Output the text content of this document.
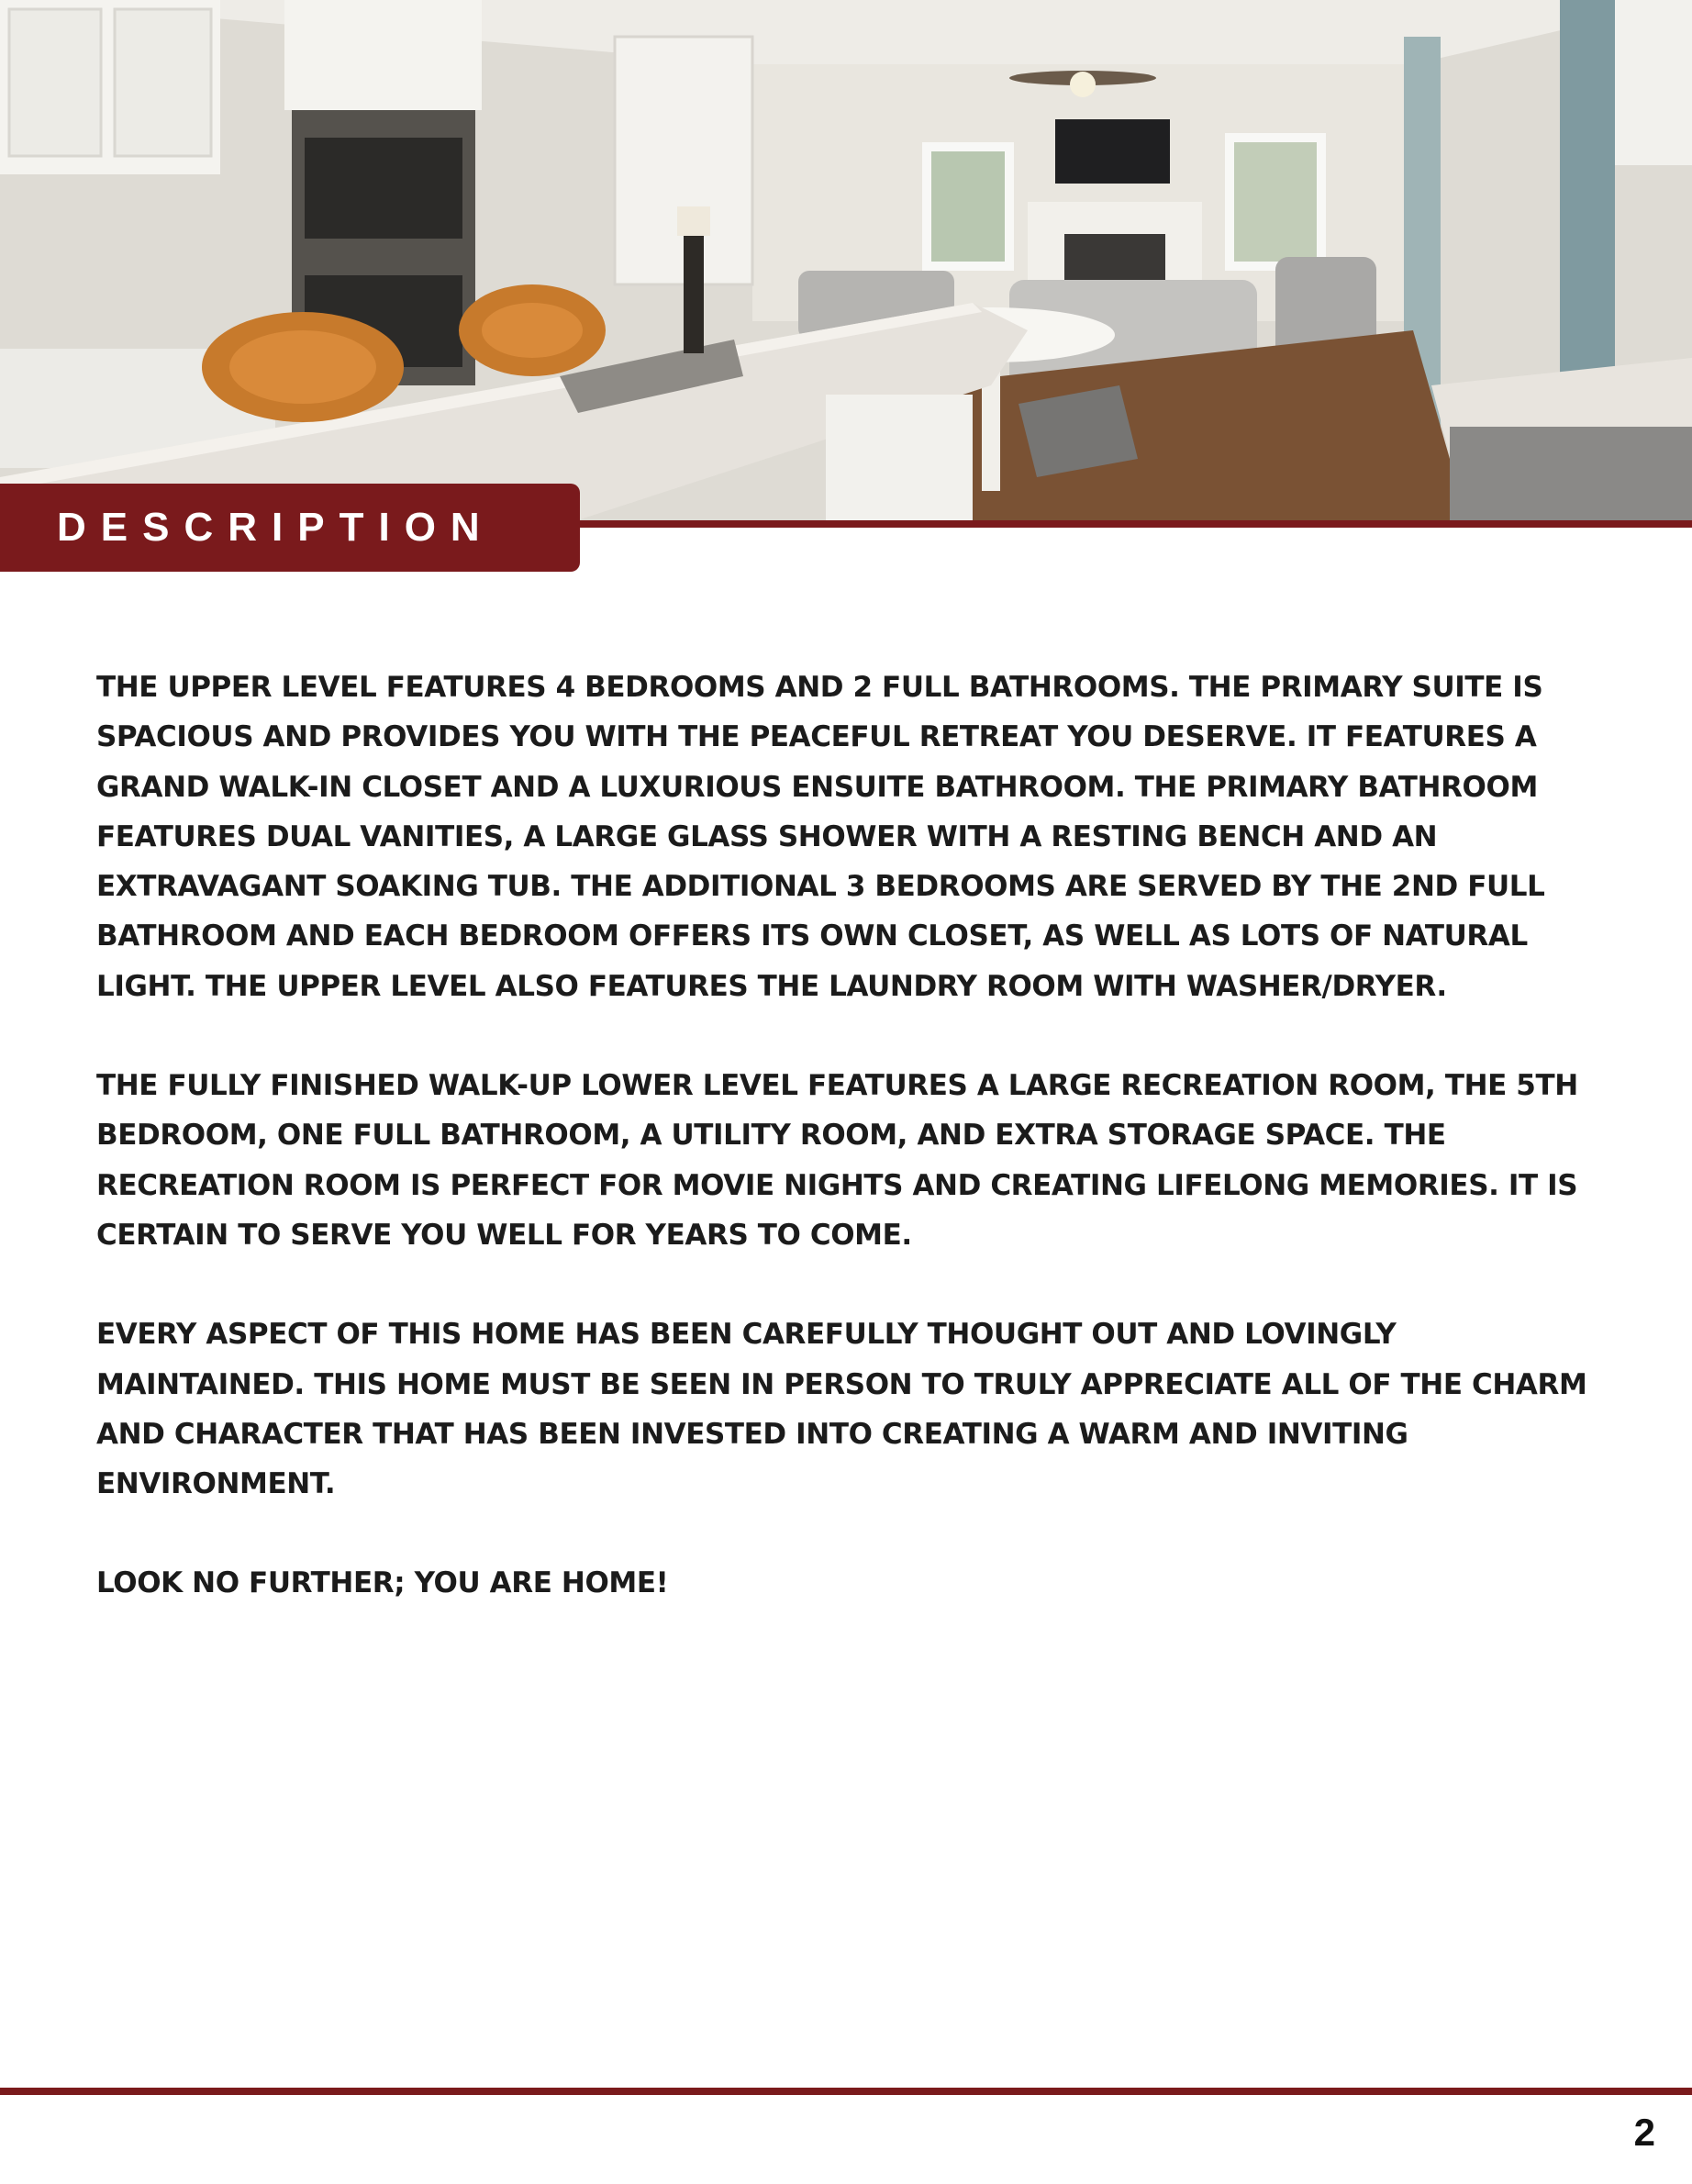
DESCRIPTION

THE UPPER LEVEL FEATURES 4 BEDROOMS AND 2 FULL BATHROOMS. THE PRIMARY SUITE IS SPACIOUS AND PROVIDES YOU WITH THE PEACEFUL RETREAT YOU DESERVE. IT FEATURES A GRAND WALK-IN CLOSET AND A LUXURIOUS ENSUITE BATHROOM. THE PRIMARY BATHROOM FEATURES DUAL VANITIES, A LARGE GLASS SHOWER WITH A RESTING BENCH AND AN EXTRAVAGANT SOAKING TUB. THE ADDITIONAL 3 BEDROOMS ARE SERVED BY THE 2ND FULL BATHROOM AND EACH BEDROOM OFFERS ITS OWN CLOSET, AS WELL AS LOTS OF NATURAL LIGHT. THE UPPER LEVEL ALSO FEATURES THE LAUNDRY ROOM WITH WASHER/DRYER.

THE FULLY FINISHED WALK-UP LOWER LEVEL FEATURES A LARGE RECREATION ROOM, THE 5TH BEDROOM, ONE FULL BATHROOM, A UTILITY ROOM, AND EXTRA STORAGE SPACE. THE RECREATION ROOM IS PERFECT FOR MOVIE NIGHTS AND CREATING LIFELONG MEMORIES. IT IS CERTAIN TO SERVE YOU WELL FOR YEARS TO COME.

EVERY ASPECT OF THIS HOME HAS BEEN CAREFULLY THOUGHT OUT AND LOVINGLY MAINTAINED. THIS HOME MUST BE SEEN IN PERSON TO TRULY APPRECIATE ALL OF THE CHARM AND CHARACTER THAT HAS BEEN INVESTED INTO CREATING A WARM AND INVITING ENVIRONMENT.

LOOK NO FURTHER; YOU ARE HOME!

2
